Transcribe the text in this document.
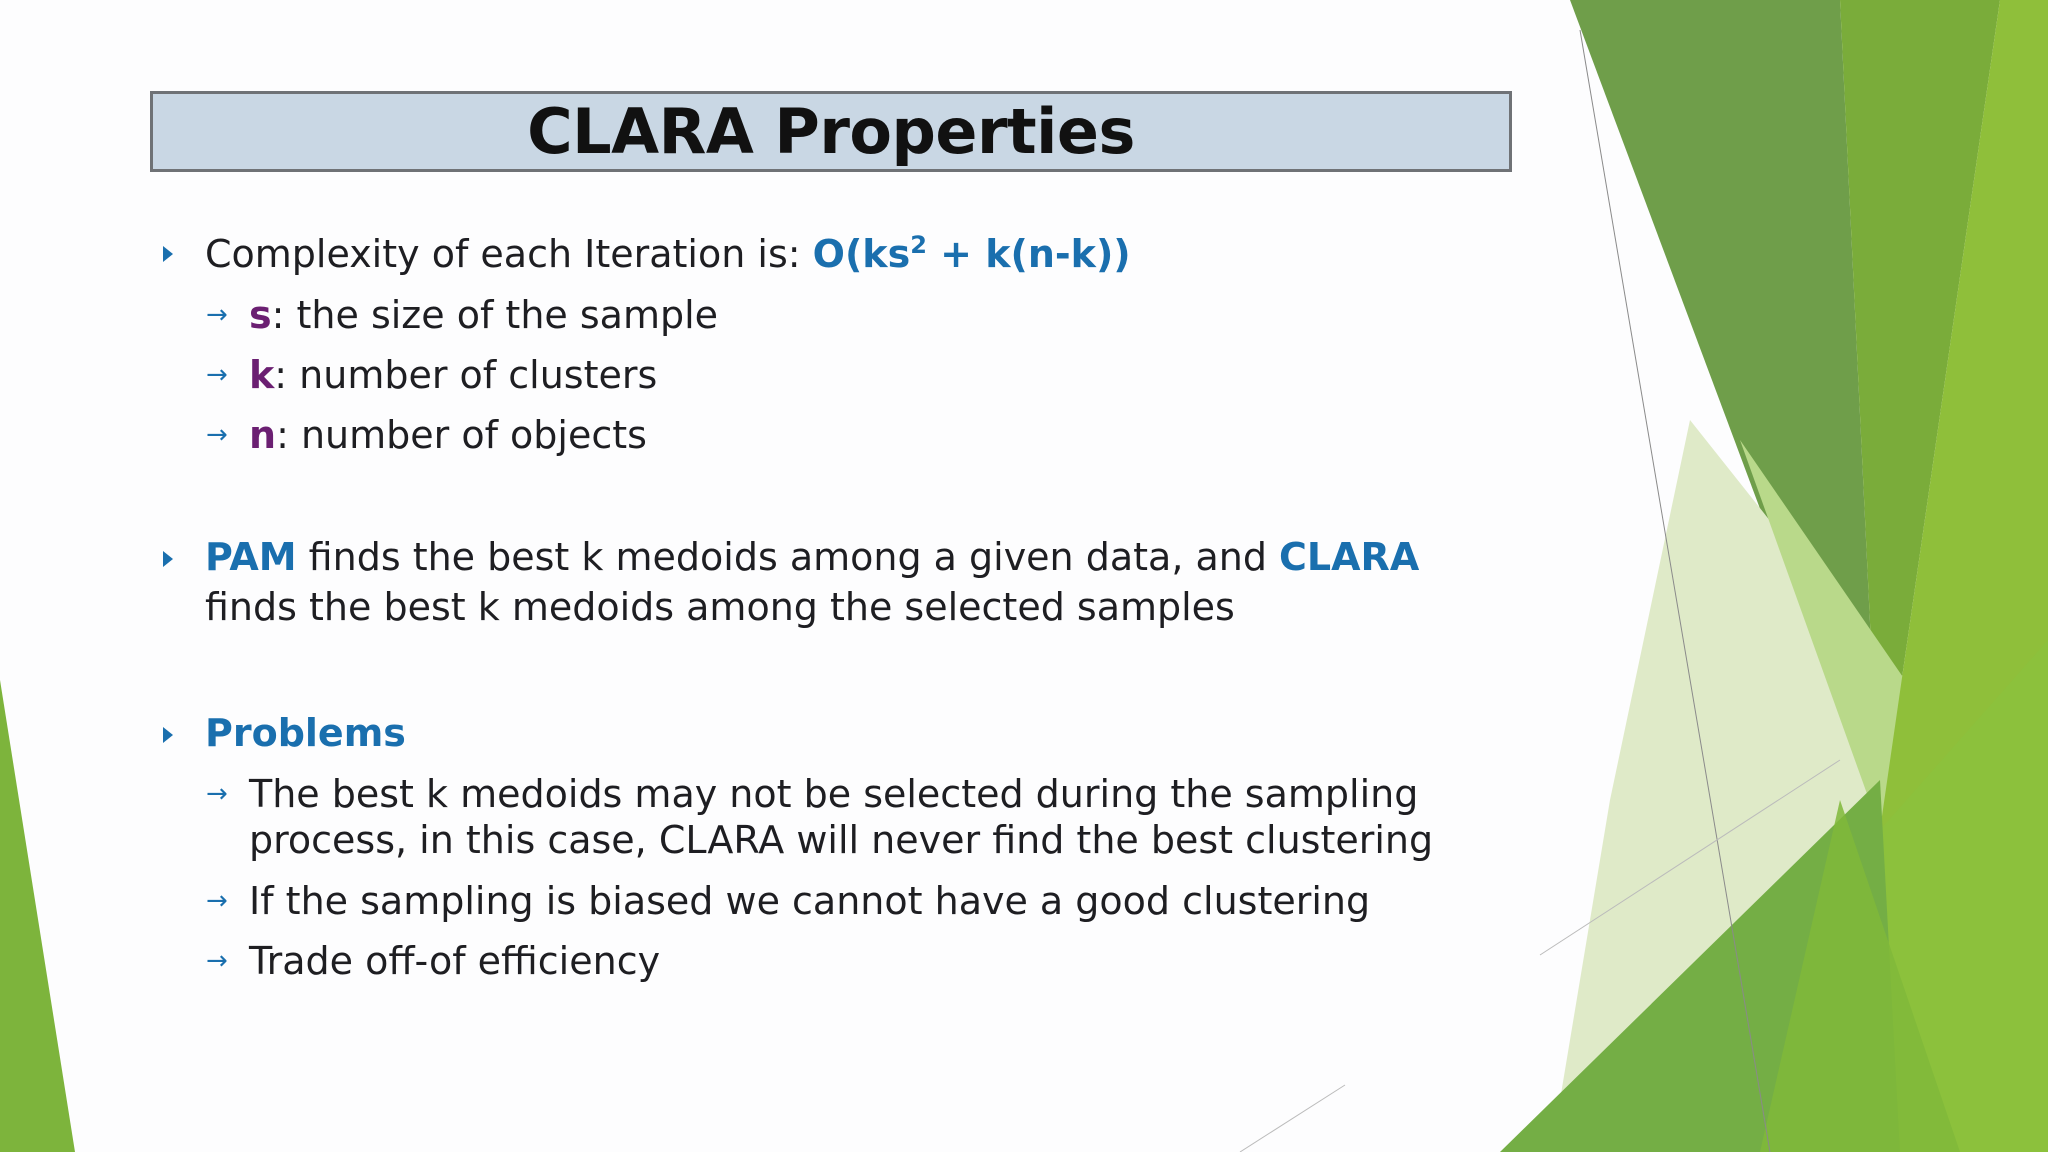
CLARA Properties
Complexity of each Iteration is: $O(ks^2 + k(n-k))$
→ s: the size of the sample
→ k: number of clusters
→ n: number of objects
PAM finds the best k medoids among a given data, and CLARA
finds the best k medoids among the selected samples
Problems
→ The best k medoids may not be selected during the sampling
process, in this case, CLARA will never find the best clustering
→ If the sampling is biased we cannot have a good clustering
→ Trade off-of efficiency
